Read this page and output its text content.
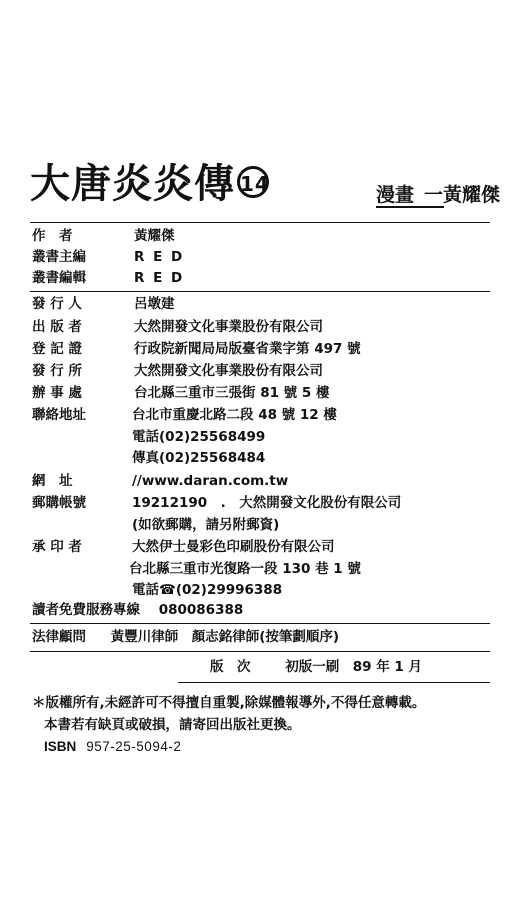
大唐炎炎傳 14	漫畫 一黃耀傑
作　者	黃耀傑
叢書主編	R E D
叢書編輯	R E D
發 行 人	呂墩建
出 版 者	大然開發文化事業股份有限公司
登 記 證	行政院新聞局局版臺省業字第 497 號
發 行 所	大然開發文化事業股份有限公司
辦 事 處	台北縣三重市三張街 81 號 5 樓
聯絡地址	台北市重慶北路二段 48 號 12 樓
電話(02)25568499
傳真(02)25568484
網　址	//www.daran.com.tw
郵購帳號	19212190　.　大然開發文化股份有限公司
(如欲郵購，請另附郵資)
承 印 者	大然伊士曼彩色印刷股份有限公司
台北縣三重市光復路一段 130 巷 1 號
電話☎(02)29996388
讀者免費服務專線 080086388
法律顧問 黃豐川律師　顏志銘律師(按筆劃順序)
版　次	初版一刷　89 年 1 月
＊版權所有,未經許可不得擅自重製,除媒體報導外,不得任意轉載。
本書若有缺頁或破損，請寄回出版社更換。
ISBN 957-25-5094-2
